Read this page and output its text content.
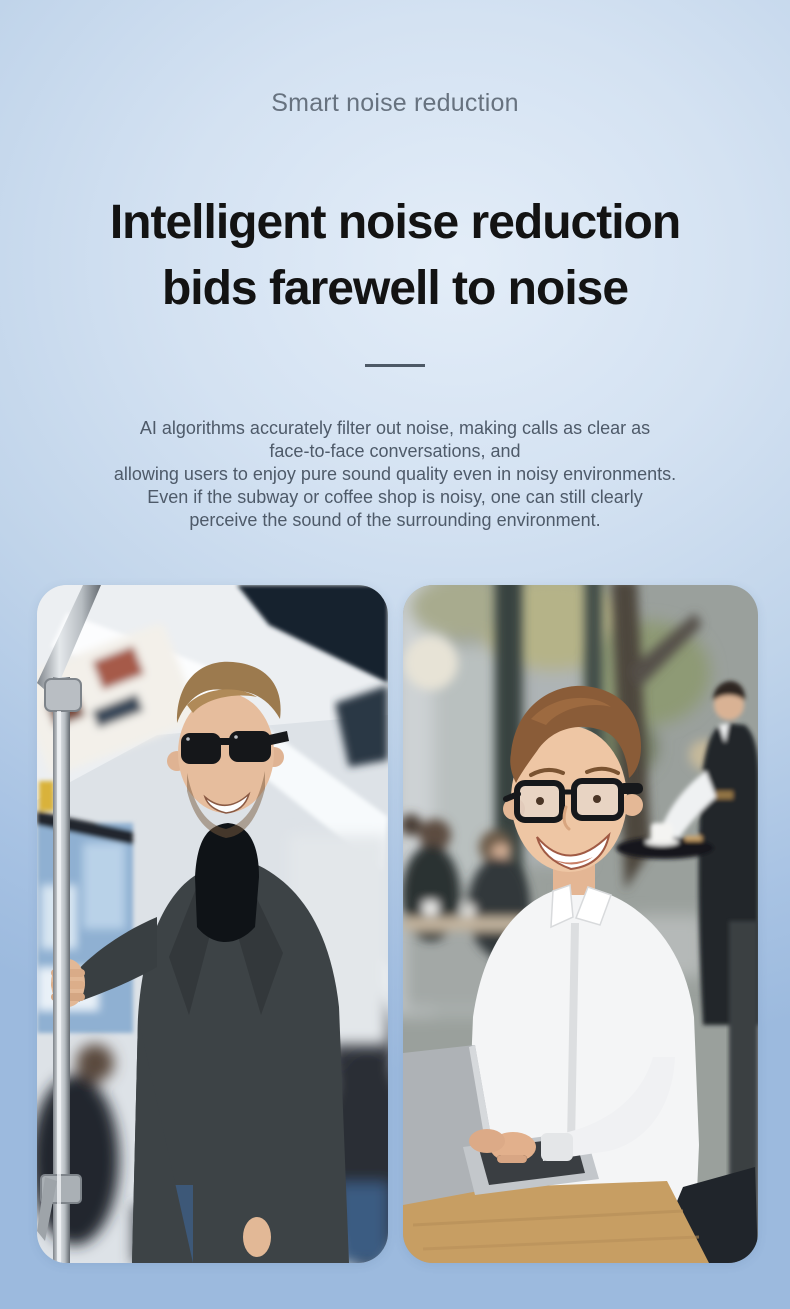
Smart noise reduction
Intelligent noise reduction
bids farewell to noise
AI algorithms accurately filter out noise, making calls as clear as
face-to-face conversations, and
allowing users to enjoy pure sound quality even in noisy environments.
Even if the subway or coffee shop is noisy, one can still clearly
perceive the sound of the surrounding environment.
